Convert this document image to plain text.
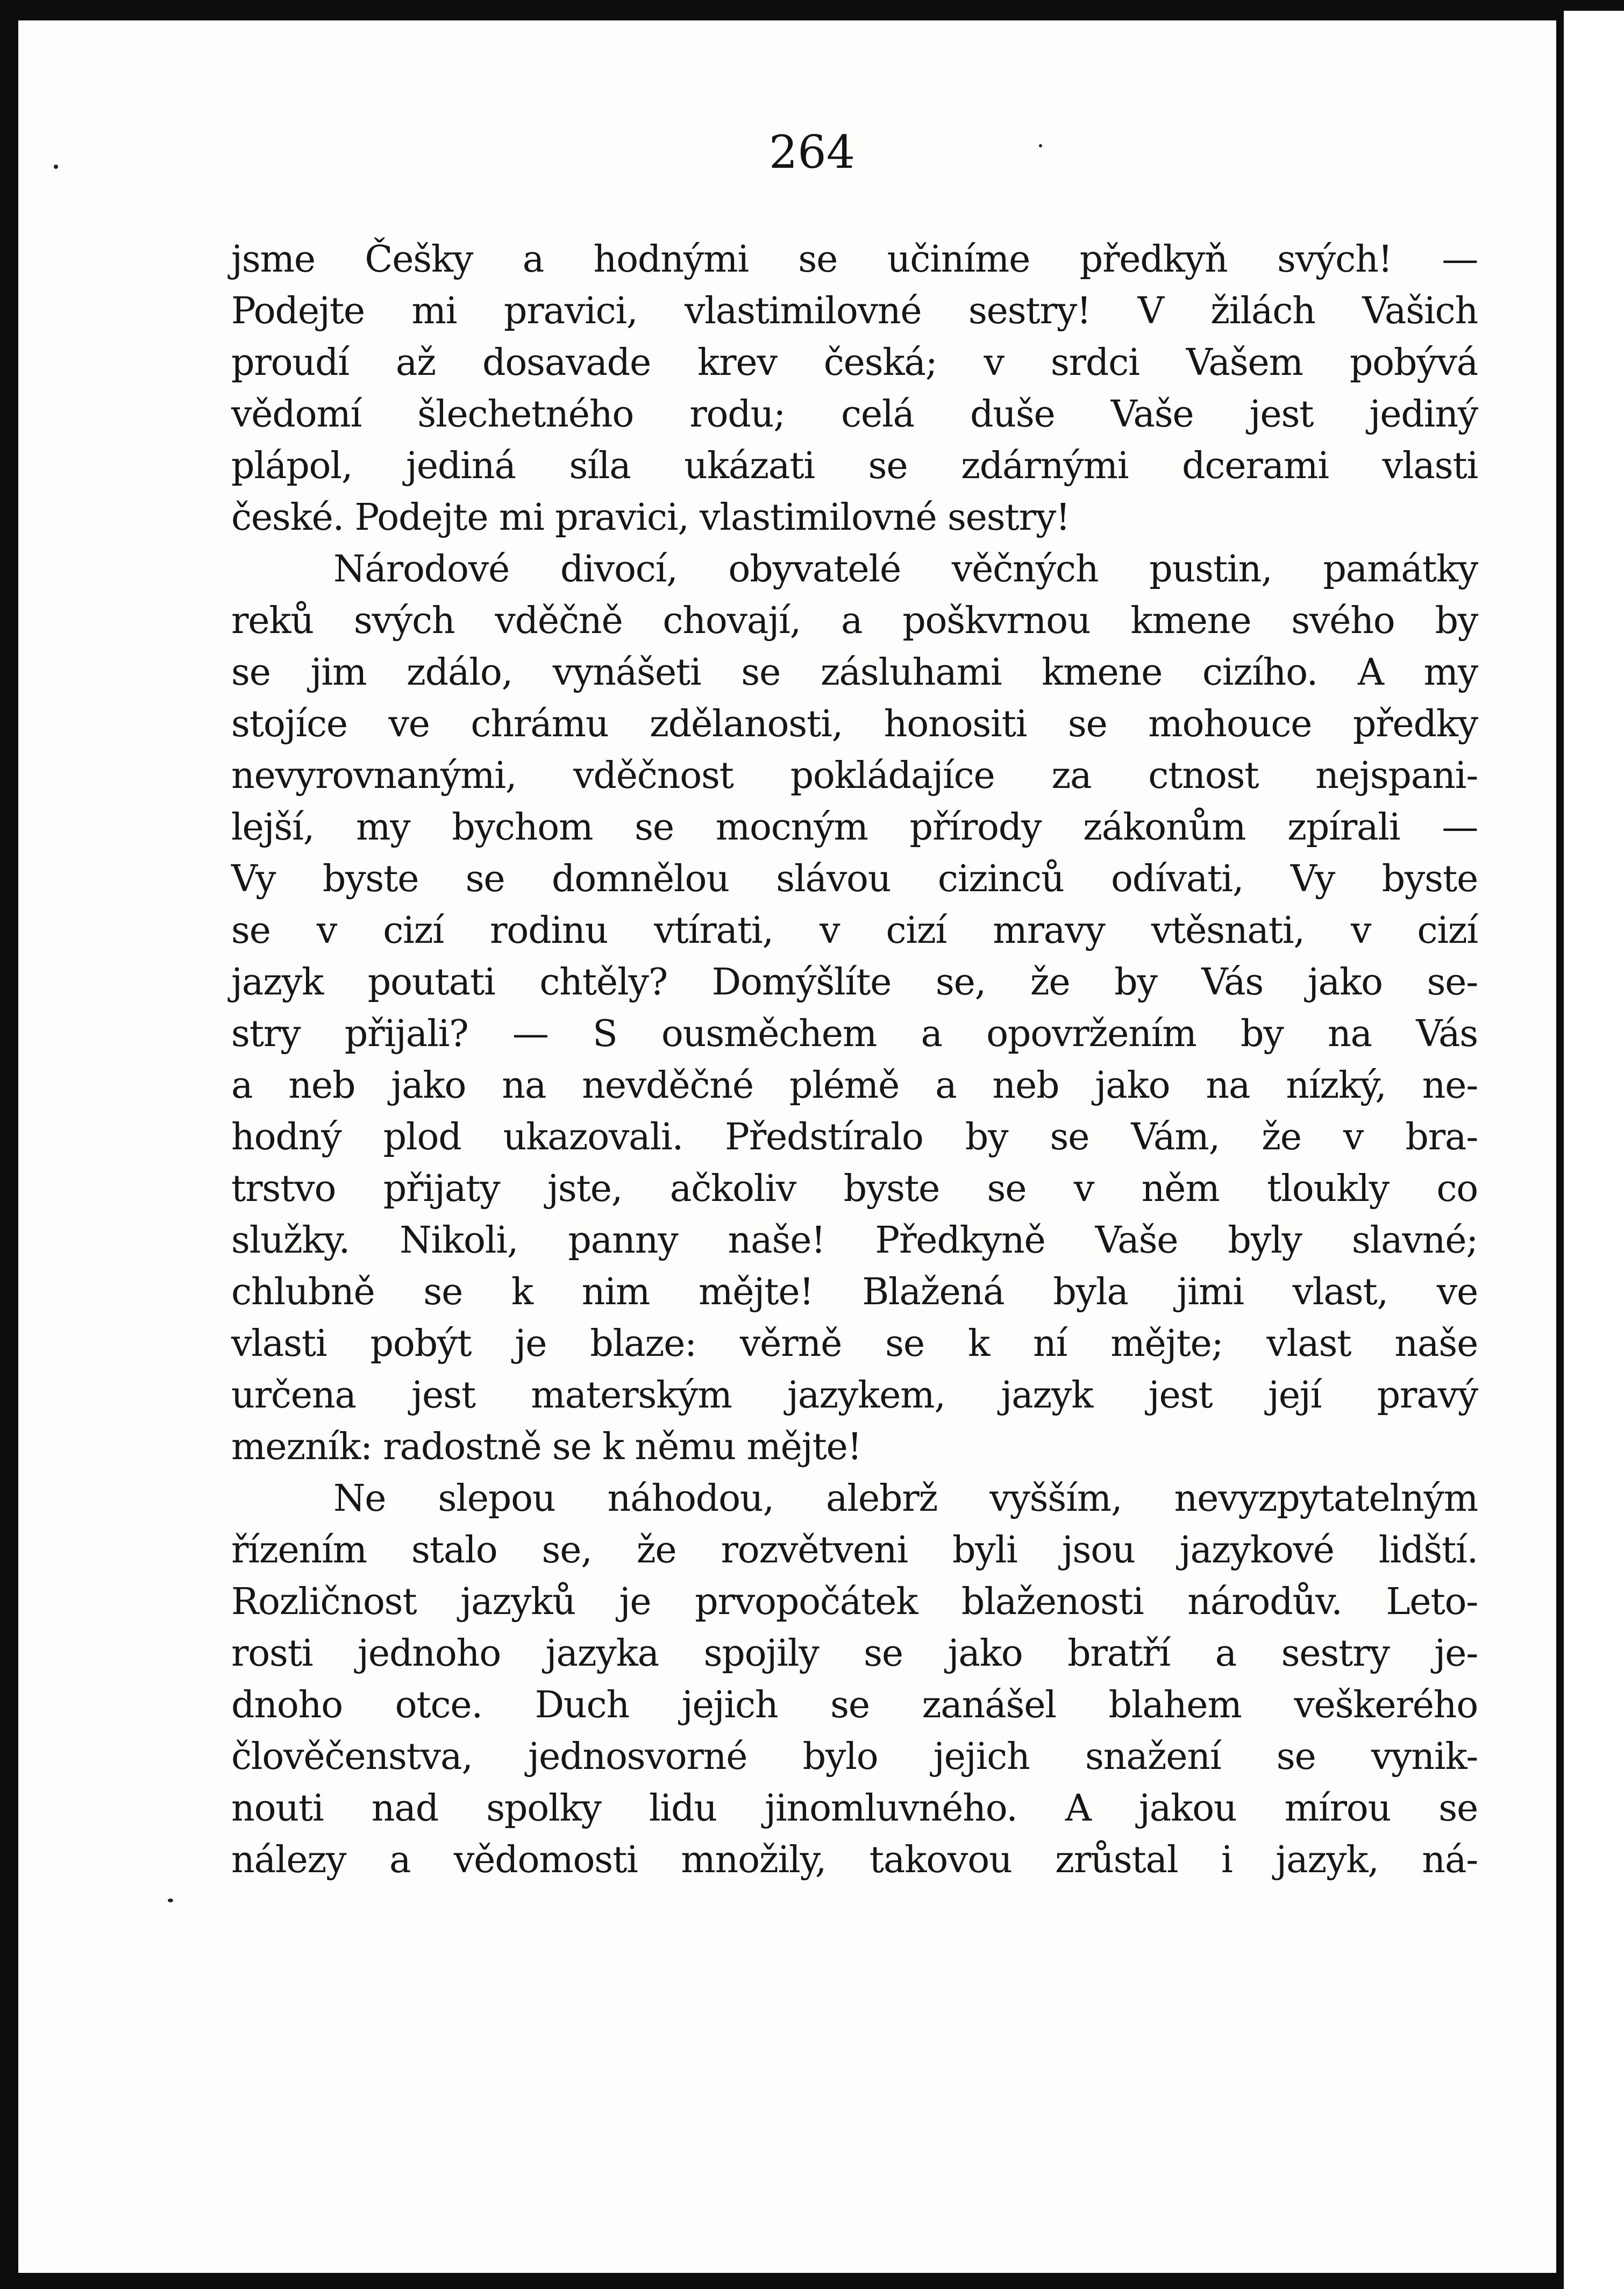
264
jsme Češky a hodnými se učiníme předkyň svých! —
Podejte mi pravici, vlastimilovné sestry! V žilách Vašich
proudí až dosavade krev česká; v srdci Vašem pobývá
vědomí šlechetného rodu; celá duše Vaše jest jediný
plápol, jediná síla ukázati se zdárnými dcerami vlasti
české. Podejte mi pravici, vlastimilovné sestry!
Národové divocí, obyvatelé věčných pustin, památky
reků svých vděčně chovají, a poškvrnou kmene svého by
se jim zdálo, vynášeti se zásluhami kmene cizího. A my
stojíce ve chrámu zdělanosti, honositi se mohouce předky
nevyrovnanými, vděčnost pokládajíce za ctnost nejspani-
lejší, my bychom se mocným přírody zákonům zpírali —
Vy byste se domnělou slávou cizinců odívati, Vy byste
se v cizí rodinu vtírati, v cizí mravy vtěsnati, v cizí
jazyk poutati chtěly? Domýšlíte se, že by Vás jako se-
stry přijali? — S ousměchem a opovržením by na Vás
a neb jako na nevděčné plémě a neb jako na nízký, ne-
hodný plod ukazovali. Předstíralo by se Vám, že v bra-
trstvo přijaty jste, ačkoliv byste se v něm tloukly co
služky. Nikoli, panny naše! Předkyně Vaše byly slavné;
chlubně se k nim mějte! Blažená byla jimi vlast, ve
vlasti pobýt je blaze: věrně se k ní mějte; vlast naše
určena jest materským jazykem, jazyk jest její pravý
mezník: radostně se k němu mějte!
Ne slepou náhodou, alebrž vyšším, nevyzpytatelným
řízením stalo se, že rozvětveni byli jsou jazykové lidští.
Rozličnost jazyků je prvopočátek blaženosti národův. Leto-
rosti jednoho jazyka spojily se jako bratří a sestry je-
dnoho otce. Duch jejich se zanášel blahem veškerého
člověčenstva, jednosvorné bylo jejich snažení se vynik-
nouti nad spolky lidu jinomluvného. A jakou mírou se
nálezy a vědomosti množily, takovou zrůstal i jazyk, ná-
